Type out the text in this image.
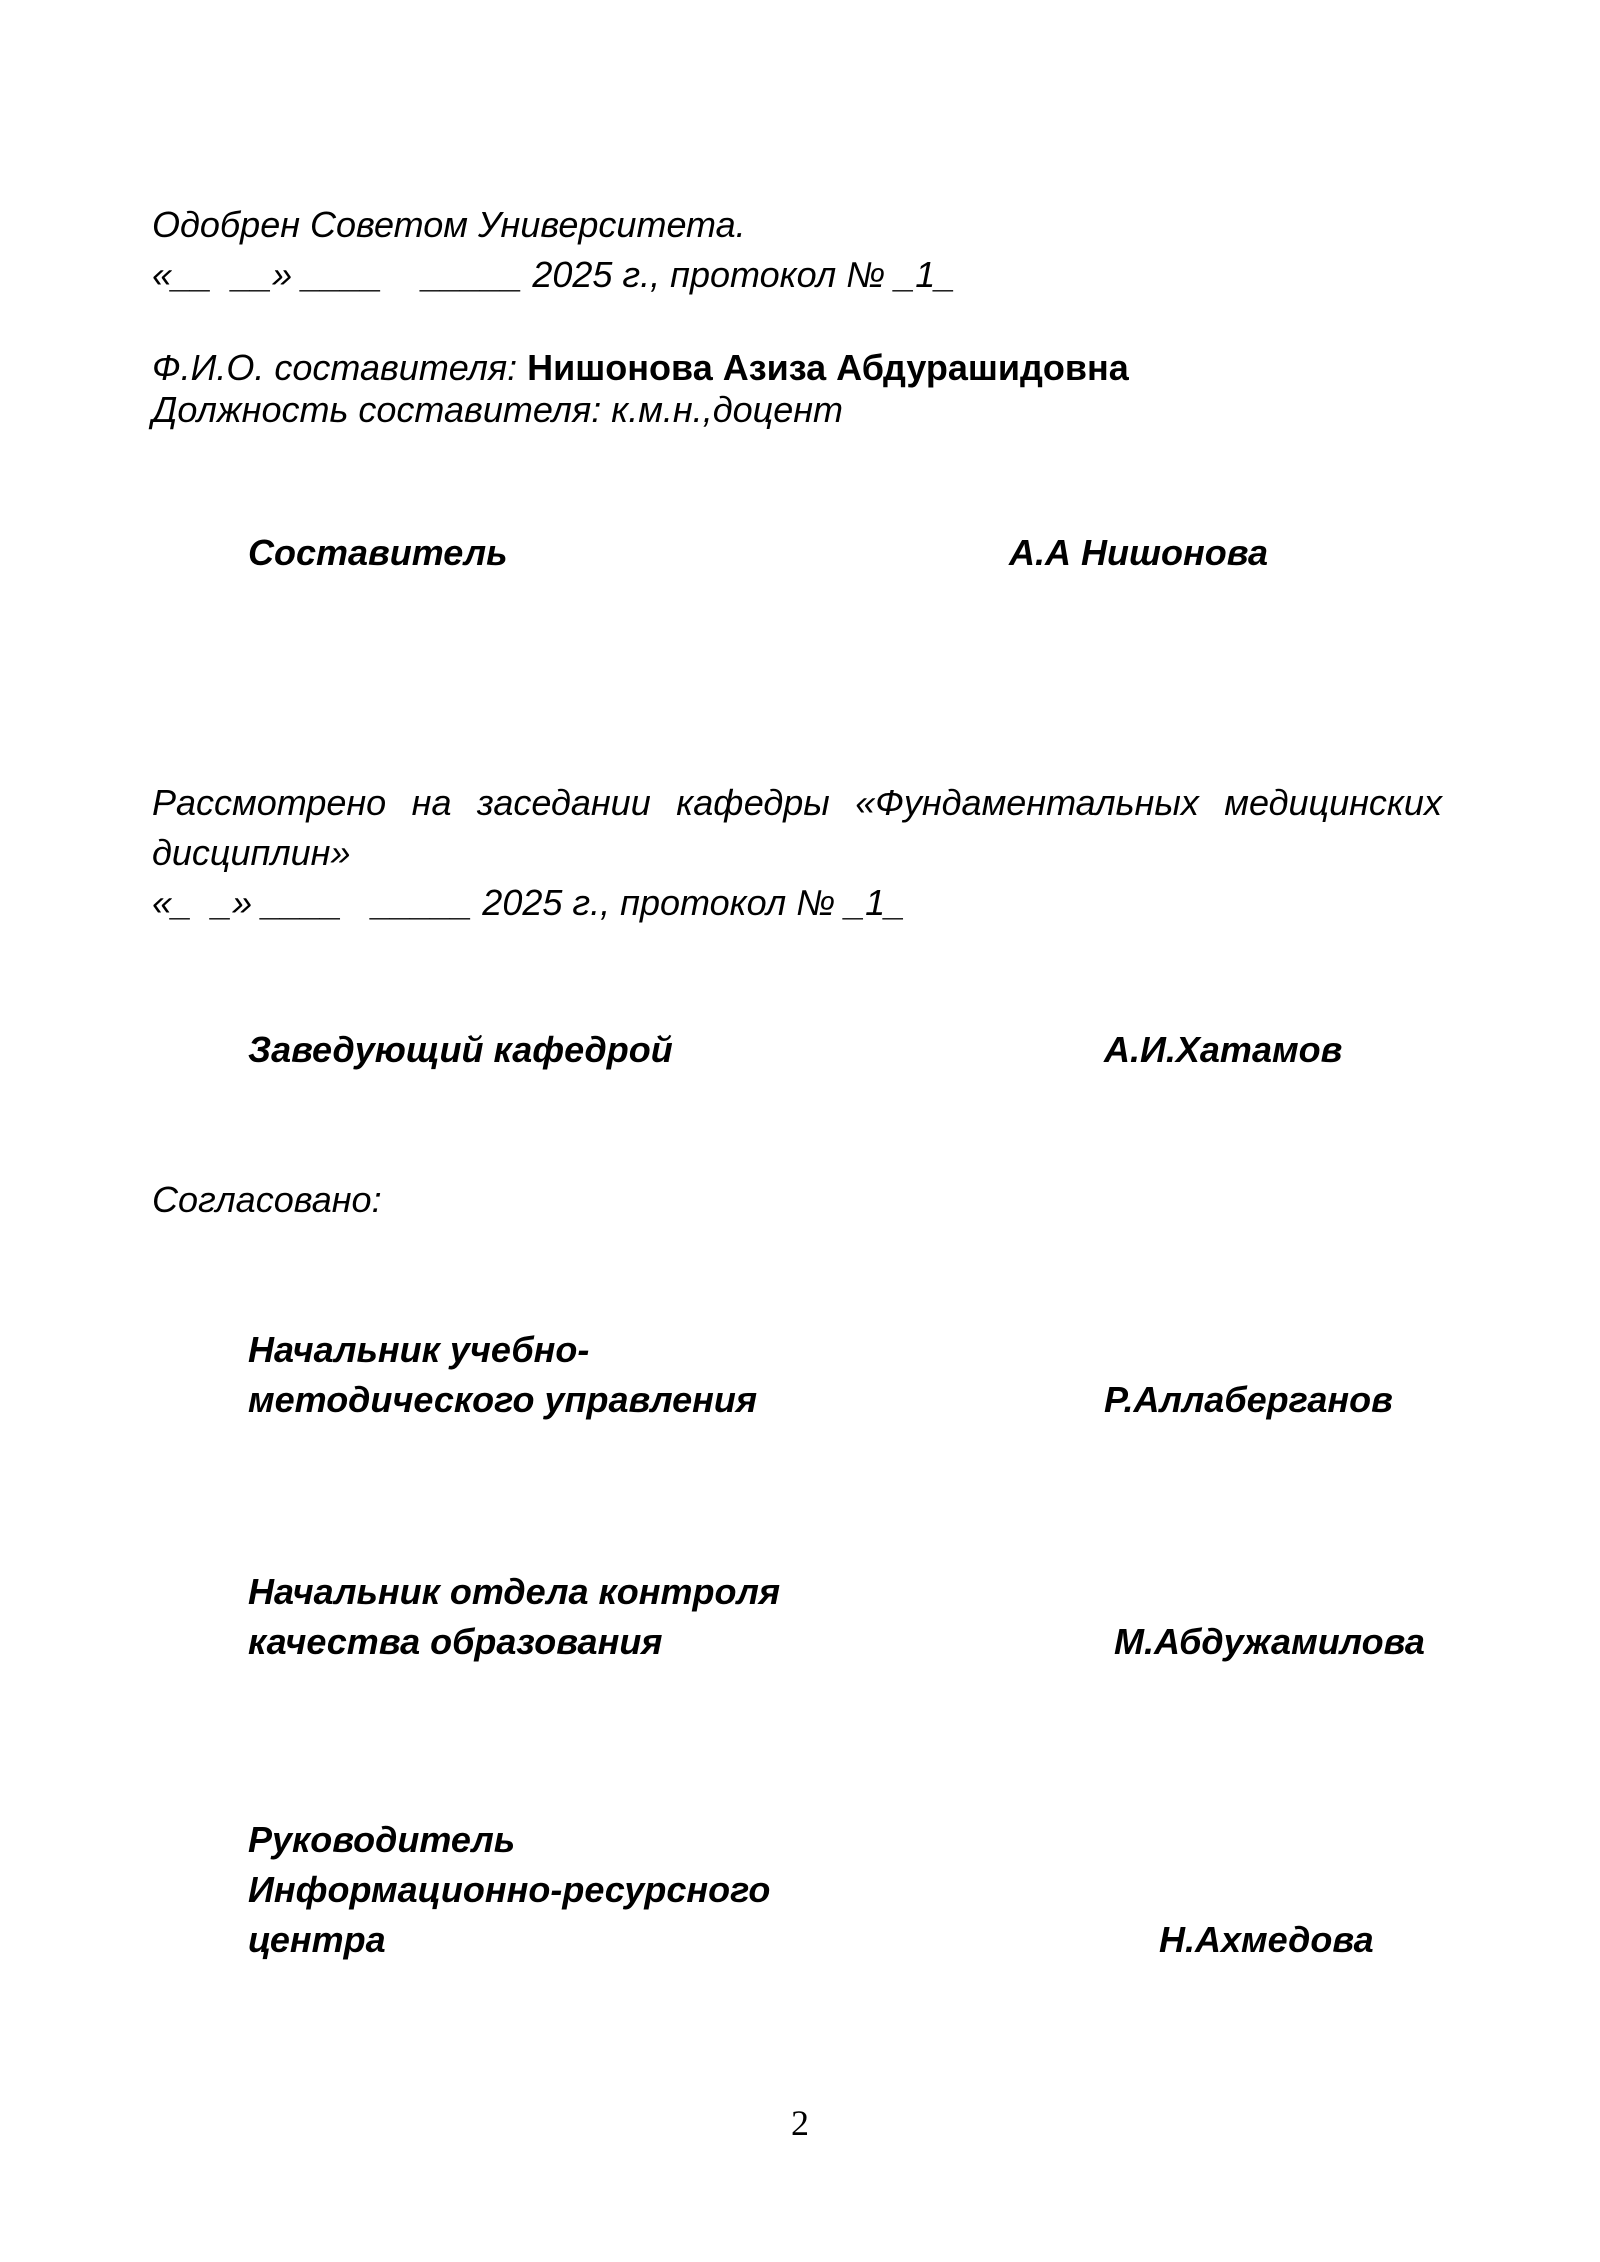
Одобрен Советом Университета.
«__  __» ____    _____ 2025 г., протокол № _1_
Ф.И.О. составителя: Нишонова Азиза Абдурашидовна
Должность составителя: к.м.н.,доцент
Составитель	А.А Нишонова
Рассмотрено на заседании кафедры «Фундаментальных медицинских
дисциплин»
«_  _» ____   _____ 2025 г., протокол № _1_
Заведующий кафедрой	А.И.Хатамов
Согласовано:
Начальник учебно-
методического управления	Р.Аллаберганов
Начальник отдела контроля
качества образования	М.Абдужамилова
Руководитель
Информационно-ресурсного
центра	Н.Ахмедова
2
